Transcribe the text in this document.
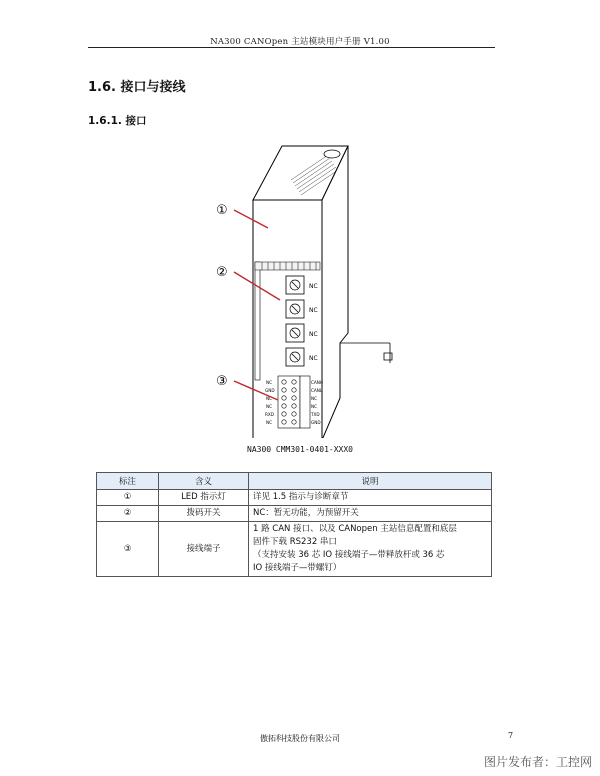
NA300 CANOpen 主站模块用户手册 V1.00
1.6. 接口与接线
1.6.1. 接口
NC
NC
NC
NC
NC
GND
NC
NC
RXD
NC
CANH
CANL
NC
NC
TXD
GND
①
②
③
NA300 CMM301-0401-XXX0
标注	含义	说明
①	LED 指示灯	详见 1.5 指示与诊断章节
②	拨码开关	NC：暂无功能，为预留开关
③	接线端子	1 路 CAN 接口、以及 CANopen 主站信息配置和底层
固件下载 RS232 串口
（支持安装 36 芯 IO 接线端子—带释放杆或 36 芯
IO 接线端子—带螺钉）
傲拓科技股份有限公司	7
图片发布者：工控网
